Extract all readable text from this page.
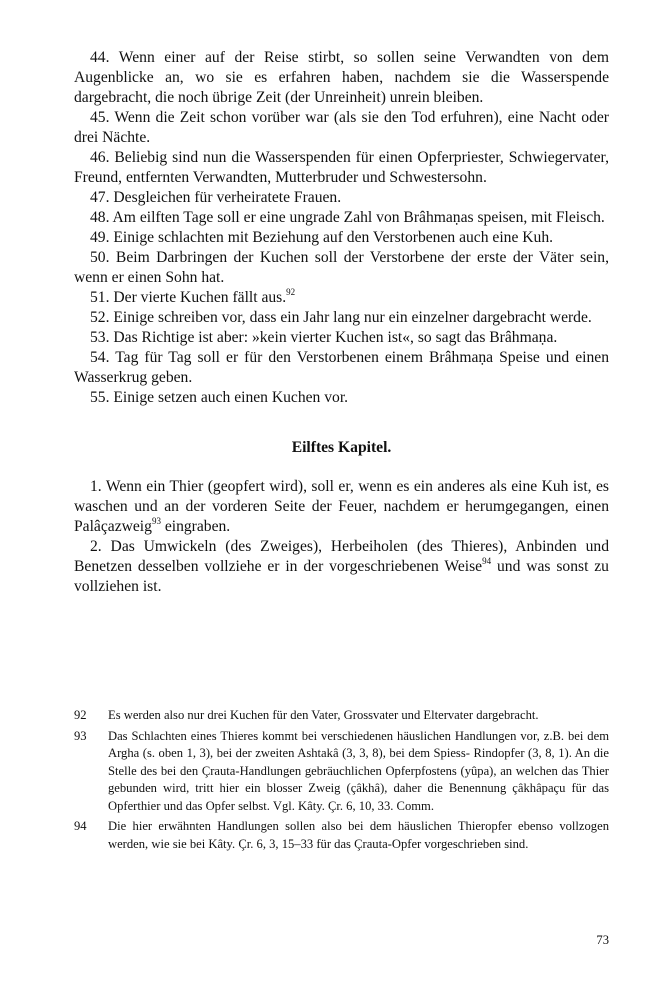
44. Wenn einer auf der Reise stirbt, so sollen seine Verwandten von dem Augenblicke an, wo sie es erfahren haben, nachdem sie die Wasserspende dargebracht, die noch übrige Zeit (der Unreinheit) unrein bleiben.

45. Wenn die Zeit schon vorüber war (als sie den Tod erfuhren), eine Nacht oder drei Nächte.

46. Beliebig sind nun die Wasserspenden für einen Opferpriester, Schwiegervater, Freund, entfernten Verwandten, Mutterbruder und Schwestersohn.

47. Desgleichen für verheiratete Frauen.

48. Am eilften Tage soll er eine ungrade Zahl von Brâhmaṇas speisen, mit Fleisch.

49. Einige schlachten mit Beziehung auf den Verstorbenen auch eine Kuh.

50. Beim Darbringen der Kuchen soll der Verstorbene der erste der Väter sein, wenn er einen Sohn hat.

51. Der vierte Kuchen fällt aus.$^{92}$

52. Einige schreiben vor, dass ein Jahr lang nur ein einzelner dargebracht werde.

53. Das Richtige ist aber: »kein vierter Kuchen ist«, so sagt das Brâhmaṇa.

54. Tag für Tag soll er für den Verstorbenen einem Brâhmaṇa Speise und einen Wasserkrug geben.

55. Einige setzen auch einen Kuchen vor.

Eilftes Kapitel.

1. Wenn ein Thier (geopfert wird), soll er, wenn es ein anderes als eine Kuh ist, es waschen und an der vorderen Seite der Feuer, nachdem er herumgegangen, einen Palâçazweig$^{93}$ eingraben.

2. Das Umwickeln (des Zweiges), Herbeiholen (des Thieres), Anbinden und Benetzen desselben vollziehe er in der vorgeschriebenen Weise$^{94}$ und was sonst zu vollziehen ist.

92	Es werden also nur drei Kuchen für den Vater, Grossvater und Eltervater dargebracht.
93	Das Schlachten eines Thieres kommt bei verschiedenen häuslichen Handlungen vor, z.B. bei dem Argha (s. oben 1, 3), bei der zweiten Ashtakâ (3, 3, 8), bei dem Spiess- Rindopfer (3, 8, 1). An die Stelle des bei den Çrauta-Handlungen gebräuchlichen Opferpfostens (yûpa), an welchen das Thier gebunden wird, tritt hier ein blosser Zweig (çâkhâ), daher die Benennung çâkhâpaçu für das Opferthier und das Opfer selbst. Vgl. Kâty. Çr. 6, 10, 33. Comm.
94	Die hier erwähnten Handlungen sollen also bei dem häuslichen Thieropfer ebenso vollzogen werden, wie sie bei Kâty. Çr. 6, 3, 15–33 für das Çrauta-Opfer vorgeschrieben sind.
73
